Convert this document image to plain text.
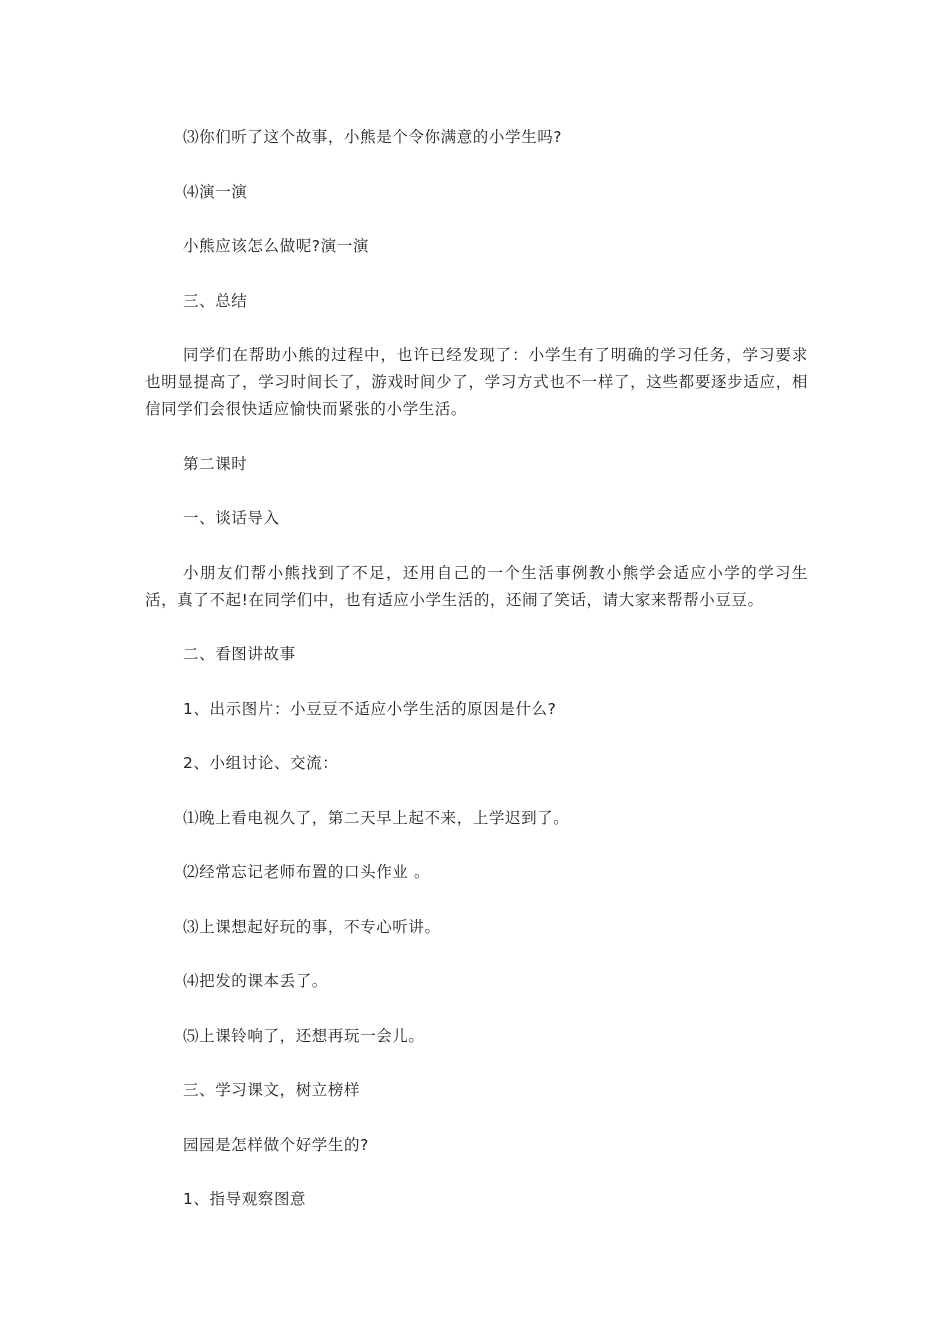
⑶你们听了这个故事，小熊是个令你满意的小学生吗?

⑷演一演

小熊应该怎么做呢?演一演

三、总结

同学们在帮助小熊的过程中，也许已经发现了：小学生有了明确的学习任务，学习要求也明显提高了，学习时间长了，游戏时间少了，学习方式也不一样了，这些都要逐步适应，相信同学们会很快适应愉快而紧张的小学生活。

第二课时

一、谈话导入

小朋友们帮小熊找到了不足，还用自己的一个生活事例教小熊学会适应小学的学习生活，真了不起!在同学们中，也有适应小学生活的，还闹了笑话，请大家来帮帮小豆豆。

二、看图讲故事

1、出示图片：小豆豆不适应小学生活的原因是什么?

2、小组讨论、交流：

⑴晚上看电视久了，第二天早上起不来，上学迟到了。

⑵经常忘记老师布置的口头作业 。

⑶上课想起好玩的事，不专心听讲。

⑷把发的课本丢了。

⑸上课铃响了，还想再玩一会儿。

三、学习课文，树立榜样

园园是怎样做个好学生的?

1、指导观察图意
